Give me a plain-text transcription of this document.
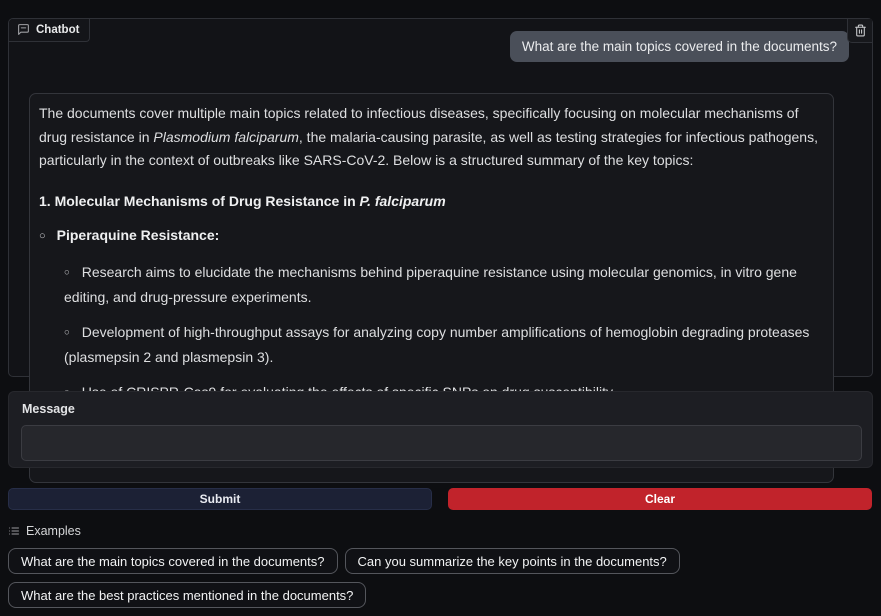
Chatbot
What are the main topics covered in the documents?

The documents cover multiple main topics related to infectious diseases, specifically focusing on molecular mechanisms of drug resistance in Plasmodium falciparum, the malaria-causing parasite, as well as testing strategies for infectious pathogens, particularly in the context of outbreaks like SARS-CoV-2. Below is a structured summary of the key topics:

1. Molecular Mechanisms of Drug Resistance in P. falciparum

○ Piperaquine Resistance:
○ Research aims to elucidate the mechanisms behind piperaquine resistance using molecular genomics, in vitro gene editing, and drug-pressure experiments.
○ Development of high-throughput assays for analyzing copy number amplifications of hemoglobin degrading proteases (plasmepsin 2 and plasmepsin 3).
○
○
Message
Submit	Clear
Examples
What are the main topics covered in the documents?	Can you summarize the key points in the documents?
What are the best practices mentioned in the documents?
